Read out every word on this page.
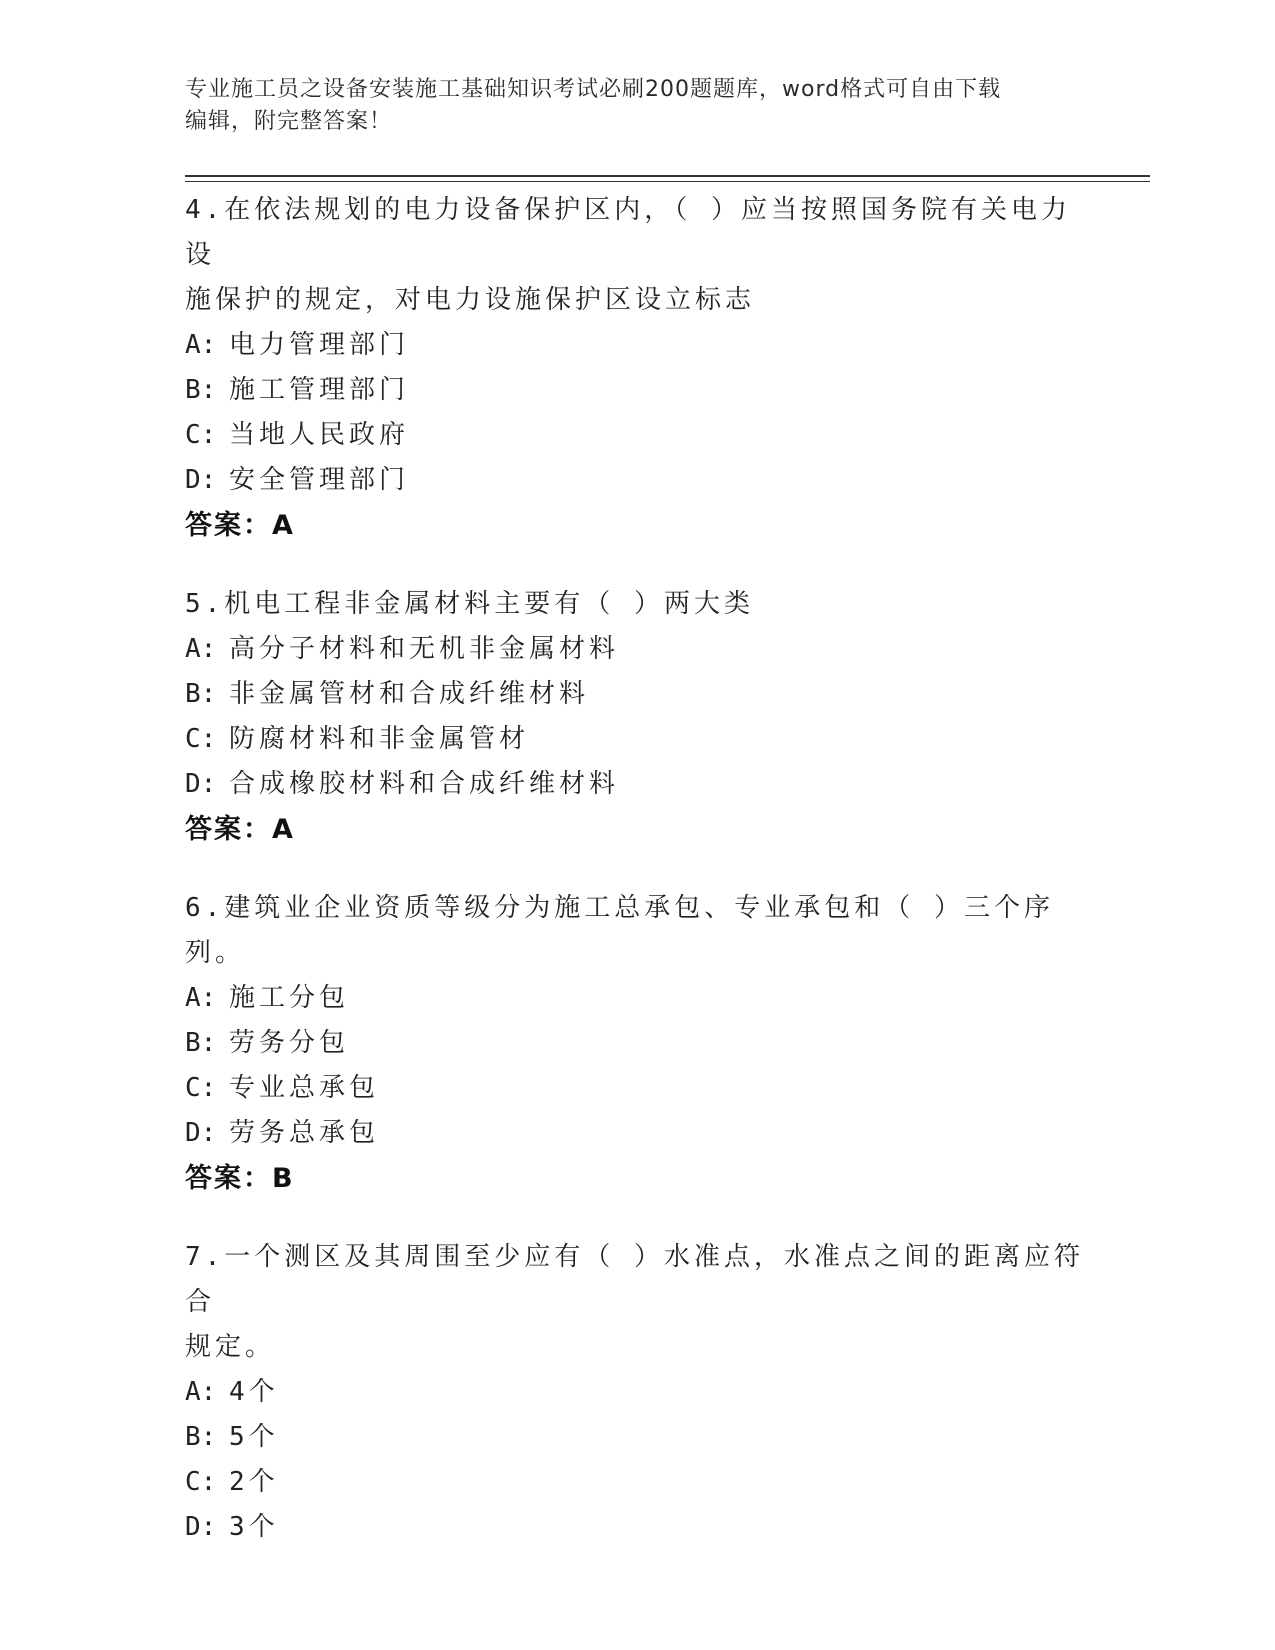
专业施工员之设备安装施工基础知识考试必刷200题题库，word格式可自由下载
编辑，附完整答案！

4.在依法规划的电力设备保护区内，（ ）应当按照国务院有关电力设

施保护的规定，对电力设施保护区设立标志

A: 电力管理部门

B: 施工管理部门

C: 当地人民政府

D: 安全管理部门

答案：A

5.机电工程非金属材料主要有（ ）两大类

A: 高分子材料和无机非金属材料

B: 非金属管材和合成纤维材料

C: 防腐材料和非金属管材

D: 合成橡胶材料和合成纤维材料

答案：A

6.建筑业企业资质等级分为施工总承包、专业承包和（ ）三个序列。

A: 施工分包

B: 劳务分包

C: 专业总承包

D: 劳务总承包

答案：B

7.一个测区及其周围至少应有（ ）水准点，水准点之间的距离应符合

规定。

A: 4个

B: 5个

C: 2个

D: 3个
